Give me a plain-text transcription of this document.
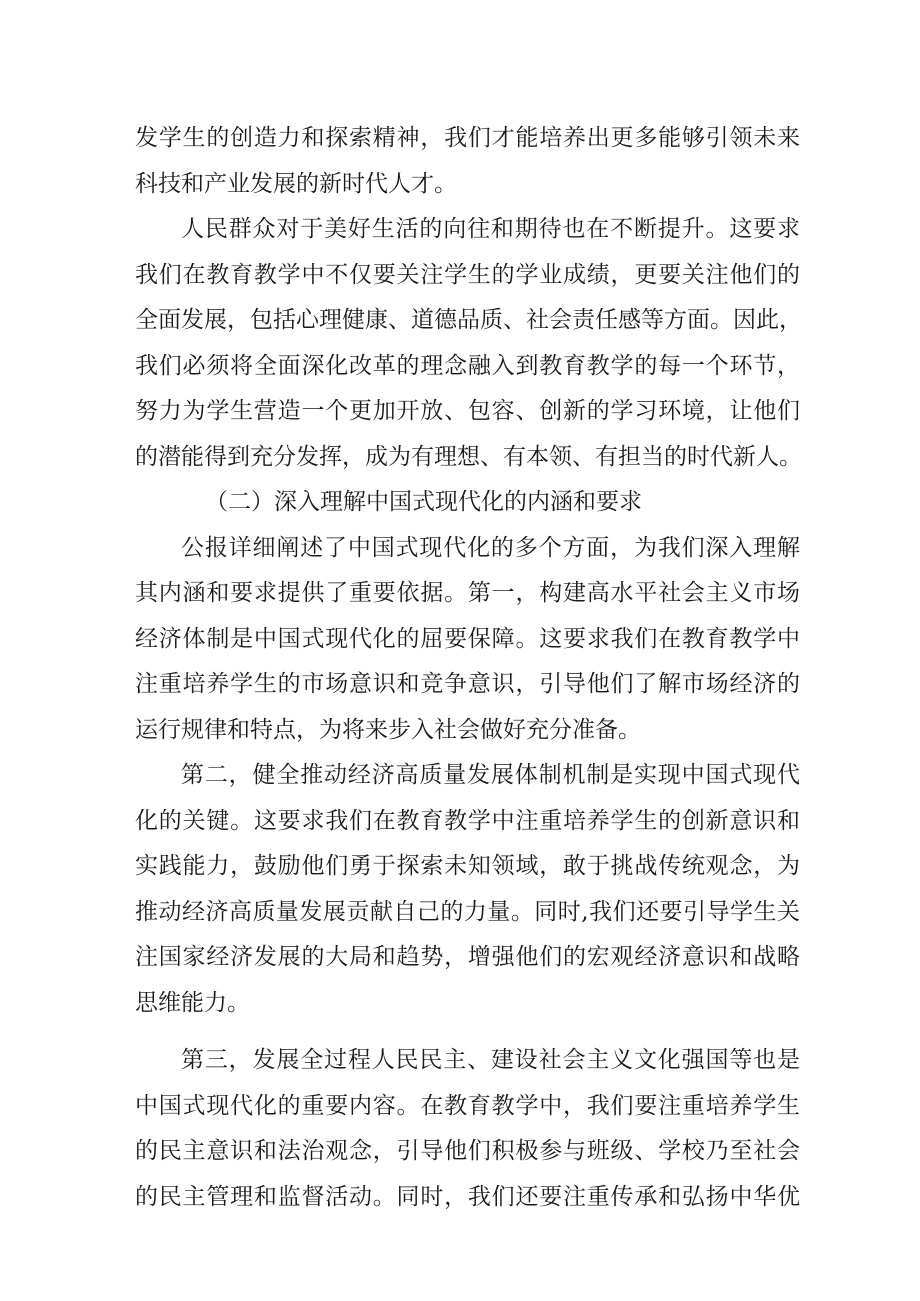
发学生的创造力和探索精神，我们才能培养出更多能够引领未来
科技和产业发展的新时代人才。
人民群众对于美好生活的向往和期待也在不断提升。这要求
我们在教育教学中不仅要关注学生的学业成绩，更要关注他们的
全面发展，包括心理健康、道德品质、社会责任感等方面。因此，
我们必须将全面深化改革的理念融入到教育教学的每一个环节，
努力为学生营造一个更加开放、包容、创新的学习环境，让他们
的潜能得到充分发挥，成为有理想、有本领、有担当的时代新人。
（二）深入理解中国式现代化的内涵和要求
公报详细阐述了中国式现代化的多个方面，为我们深入理解
其内涵和要求提供了重要依据。第一，构建高水平社会主义市场
经济体制是中国式现代化的屈要保障。这要求我们在教育教学中
注重培养学生的市场意识和竞争意识，引导他们了解市场经济的
运行规律和特点，为将来步入社会做好充分准备。
第二，健全推动经济高质量发展体制机制是实现中国式现代
化的关键。这要求我们在教育教学中注重培养学生的创新意识和
实践能力，鼓励他们勇于探索未知领域，敢于挑战传统观念，为
推动经济高质量发展贡献自己的力量。同时,我们还要引导学生关
注国家经济发展的大局和趋势，增强他们的宏观经济意识和战略
思维能力。
第三，发展全过程人民民主、建设社会主义文化强国等也是
中国式现代化的重要内容。在教育教学中，我们要注重培养学生
的民主意识和法治观念，引导他们积极参与班级、学校乃至社会
的民主管理和监督活动。同时，我们还要注重传承和弘扬中华优
